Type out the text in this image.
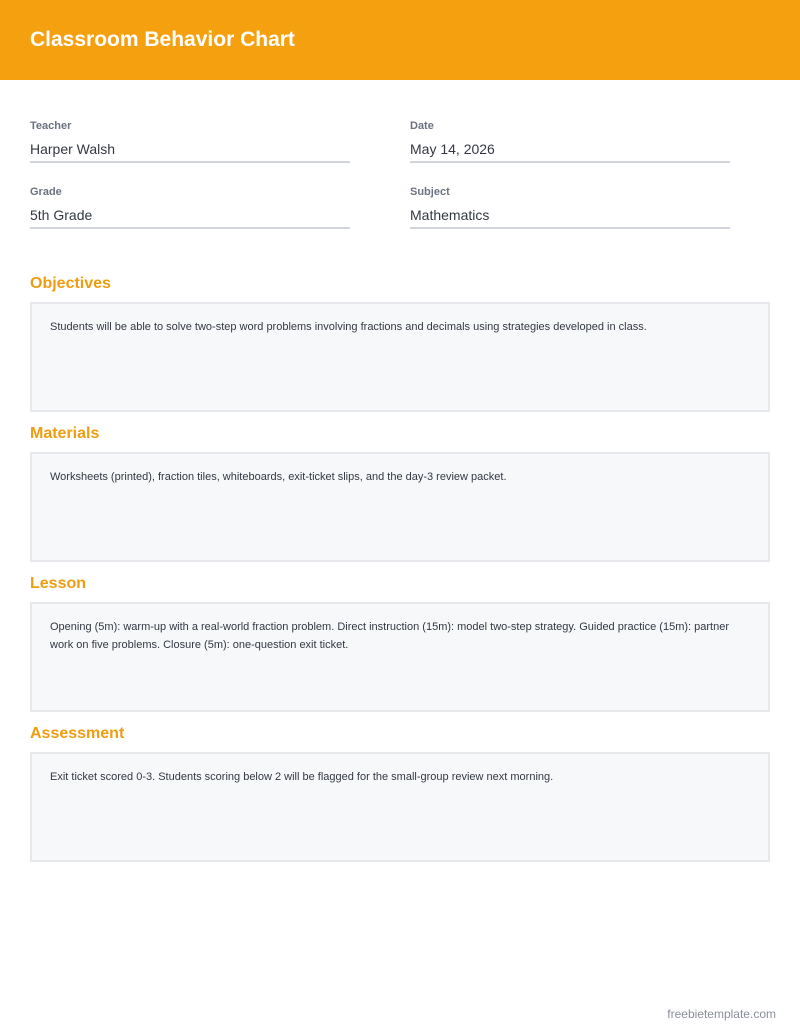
Classroom Behavior Chart
Teacher
Harper Walsh
Date
May 14, 2026
Grade
5th Grade
Subject
Mathematics
Objectives
Students will be able to solve two-step word problems involving fractions and decimals using strategies developed in class.
Materials
Worksheets (printed), fraction tiles, whiteboards, exit-ticket slips, and the day-3 review packet.
Lesson
Opening (5m): warm-up with a real-world fraction problem. Direct instruction (15m): model two-step strategy. Guided practice (15m): partner work on five problems. Closure (5m): one-question exit ticket.
Assessment
Exit ticket scored 0-3. Students scoring below 2 will be flagged for the small-group review next morning.
freebietemplate.com
